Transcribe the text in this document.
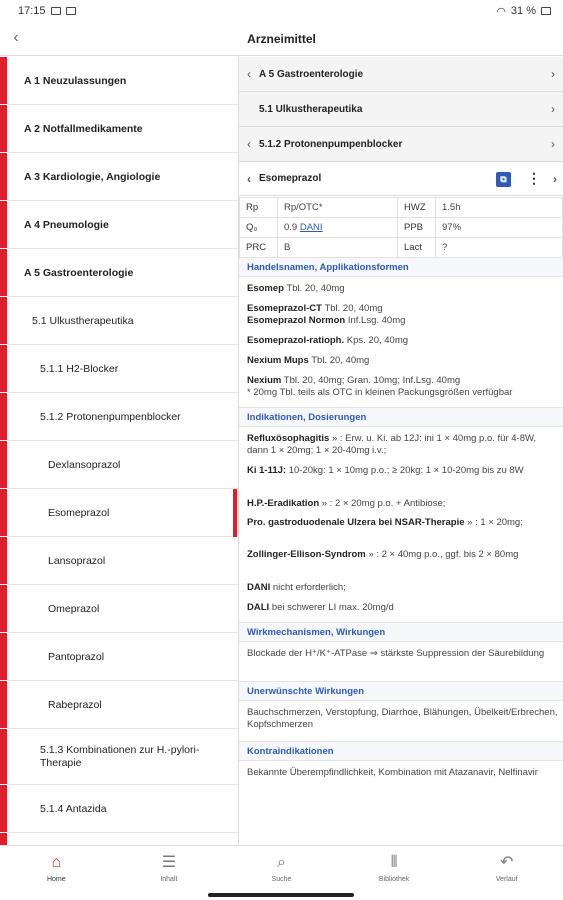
17:15	◠ 31 %
‹	Arzneimittel
A 1 Neuzulassungen
A 2 Notfallmedikamente
A 3 Kardiologie, Angiologie
A 4 Pneumologie
A 5 Gastroenterologie
5.1 Ulkustherapeutika
5.1.1 H2-Blocker
5.1.2 Protonenpumpenblocker
Dexlansoprazol
Esomeprazol
Lansoprazol
Omeprazol
Pantoprazol
Rabeprazol
5.1.3 Kombinationen zur H.-pylori-Therapie
5.1.4 Antazida
‹ A 5 Gastroenterologie	›
5.1 Ulkustherapeutika	›
‹ 5.1.2 Protonenpumpenblocker	›
‹ Esomeprazol	⧉	⋮ ›
Rp	Rp/OTC*	HWZ	1.5h
Q₀	0.9 DANI	PPB	97%
PRC	B	Lact	?
Handelsnamen, Applikationsformen
Esomep Tbl. 20, 40mg
Esomeprazol-CT Tbl. 20, 40mg
Esomeprazol Normon Inf.Lsg. 40mg
Esomeprazol-ratioph. Kps. 20, 40mg
Nexium Mups Tbl. 20, 40mg
Nexium Tbl. 20, 40mg; Gran. 10mg; Inf.Lsg. 40mg
* 20mg Tbl. teils als OTC in kleinen Packungsgrößen verfügbar
Indikationen, Dosierungen
Refluxösophagitis » : Erw. u. Ki. ab 12J: ini 1 × 40mg p.o. für 4-8W, dann 1 × 20mg; 1 × 20-40mg i.v.;
Ki 1-11J: 10-20kg: 1 × 10mg p.o.; ≥ 20kg: 1 × 10-20mg bis zu 8W
H.P.-Eradikation » : 2 × 20mg p.o. + Antibiose;
Pro. gastroduodenale Ulzera bei NSAR-Therapie » : 1 × 20mg;
Zollinger-Ellison-Syndrom » : 2 × 40mg p.o., ggf. bis 2 × 80mg
DANI nicht erforderlich;
DALI bei schwerer LI max. 20mg/d
Wirkmechanismen, Wirkungen
Blockade der H⁺/K⁺-ATPase ⇒ stärkste Suppression der Säurebildung
Unerwünschte Wirkungen
Bauchschmerzen, Verstopfung, Diarrhoe, Blähungen, Übelkeit/Erbrechen, Kopfschmerzen
Kontraindikationen
Bekannte Überempfindlichkeit, Kombination mit Atazanavir, Nelfinavir
⌂
Home
☰
Inhalt
⌕
Suche
⫴
Bibliothek
↶
Verlauf
